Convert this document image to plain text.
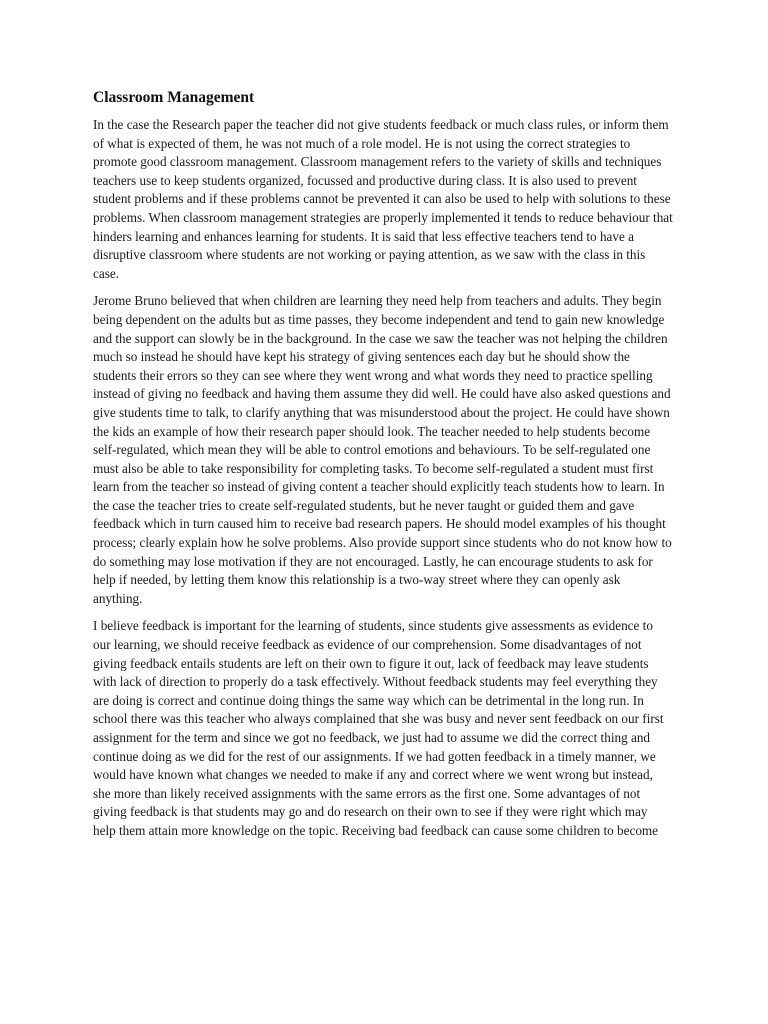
Classroom Management

In the case the Research paper the teacher did not give students feedback or much class rules, or inform them of what is expected of them, he was not much of a role model. He is not using the correct strategies to promote good classroom management. Classroom management refers to the variety of skills and techniques teachers use to keep students organized, focussed and productive during class. It is also used to prevent student problems and if these problems cannot be prevented it can also be used to help with solutions to these problems. When classroom management strategies are properly implemented it tends to reduce behaviour that hinders learning and enhances learning for students. It is said that less effective teachers tend to have a disruptive classroom where students are not working or paying attention, as we saw with the class in this case.

Jerome Bruno believed that when children are learning they need help from teachers and adults. They begin being dependent on the adults but as time passes, they become independent and tend to gain new knowledge and the support can slowly be in the background. In the case we saw the teacher was not helping the children much so instead he should have kept his strategy of giving sentences each day but he should show the students their errors so they can see where they went wrong and what words they need to practice spelling instead of giving no feedback and having them assume they did well. He could have also asked questions and give students time to talk, to clarify anything that was misunderstood about the project. He could have shown the kids an example of how their research paper should look. The teacher needed to help students become self-regulated, which mean they will be able to control emotions and behaviours. To be self-regulated one must also be able to take responsibility for completing tasks. To become self-regulated a student must first learn from the teacher so instead of giving content a teacher should explicitly teach students how to learn. In the case the teacher tries to create self-regulated students, but he never taught or guided them and gave feedback which in turn caused him to receive bad research papers. He should model examples of his thought process; clearly explain how he solve problems. Also provide support since students who do not know how to do something may lose motivation if they are not encouraged. Lastly, he can encourage students to ask for help if needed, by letting them know this relationship is a two-way street where they can openly ask anything.

I believe feedback is important for the learning of students, since students give assessments as evidence to our learning, we should receive feedback as evidence of our comprehension. Some disadvantages of not giving feedback entails students are left on their own to figure it out, lack of feedback may leave students with lack of direction to properly do a task effectively. Without feedback students may feel everything they are doing is correct and continue doing things the same way which can be detrimental in the long run. In school there was this teacher who always complained that she was busy and never sent feedback on our first assignment for the term and since we got no feedback, we just had to assume we did the correct thing and continue doing as we did for the rest of our assignments. If we had gotten feedback in a timely manner, we would have known what changes we needed to make if any and correct where we went wrong but instead, she more than likely received assignments with the same errors as the first one. Some advantages of not giving feedback is that students may go and do research on their own to see if they were right which may help them attain more knowledge on the topic. Receiving bad feedback can cause some children to become
